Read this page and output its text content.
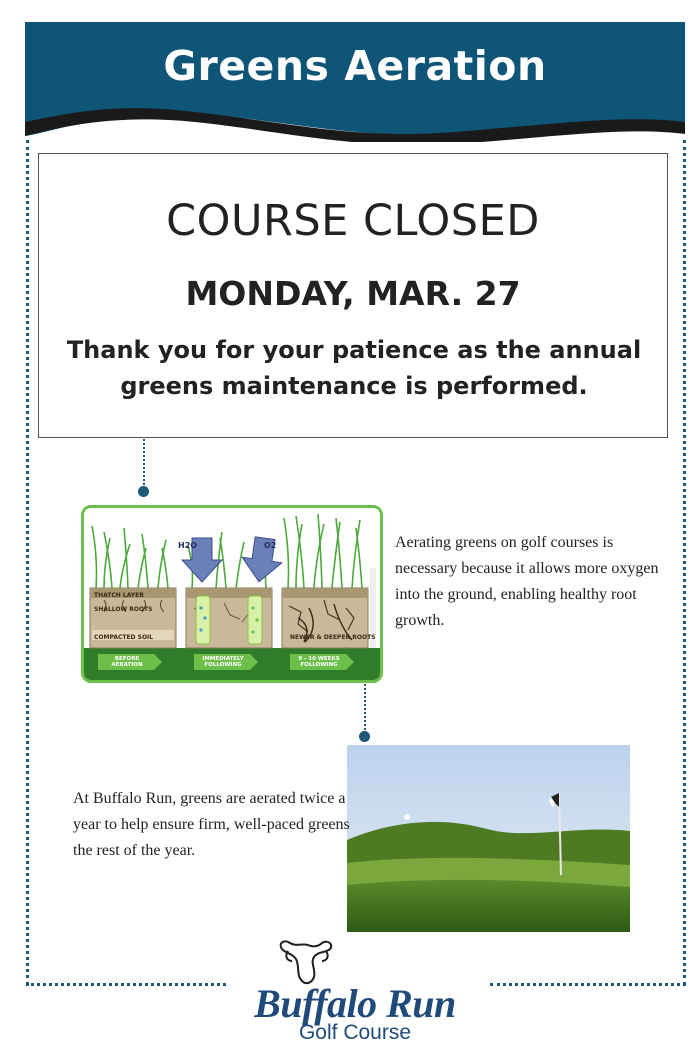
Greens Aeration
COURSE CLOSED
MONDAY, MAR. 27
Thank you for your patience as the annual greens maintenance is performed.
THATCH LAYER
SHALLOW ROOTS
COMPACTED SOIL	NEWER & DEEPER ROOTS
H2O	O2
BEFORE AERATION
IMMEDIATELY FOLLOWING
9 - 10 WEEKS FOLLOWING
Aerating greens on golf courses is necessary because it allows more oxygen into the ground, enabling healthy root growth.
At Buffalo Run, greens are aerated twice a year to help ensure firm, well-paced greens the rest of the year.
Buffalo Run
Golf Course
